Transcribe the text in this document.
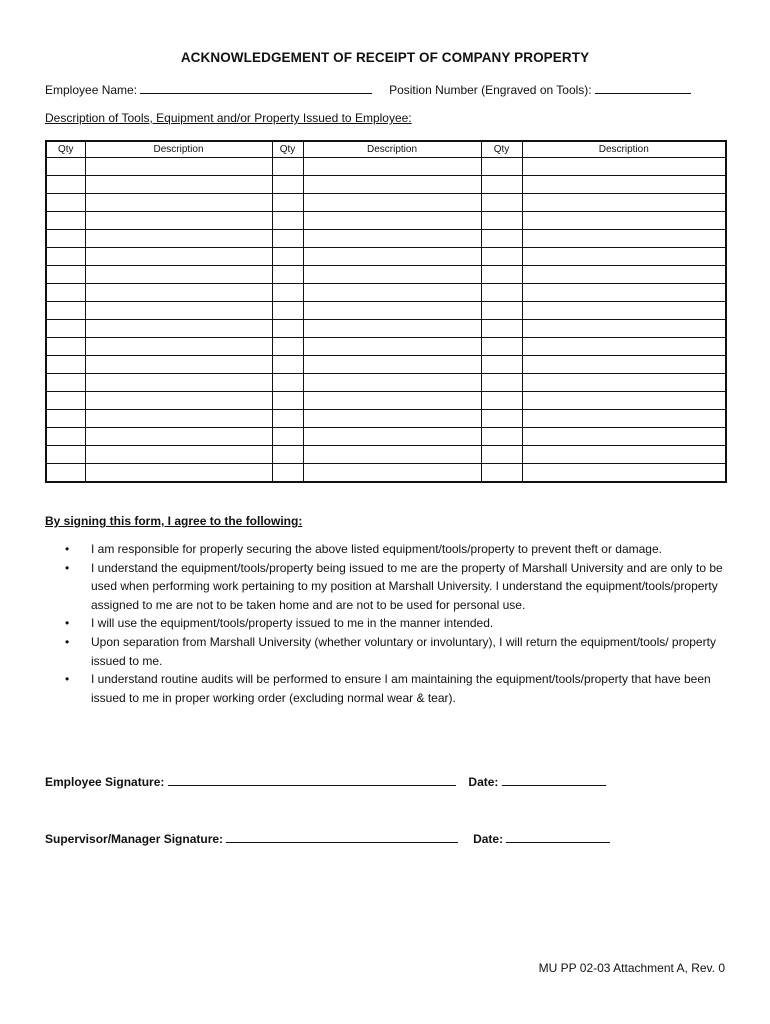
ACKNOWLEDGEMENT OF RECEIPT OF COMPANY PROPERTY
Employee Name:	Position Number (Engraved on Tools):
Description of Tools, Equipment and/or Property Issued to Employee:
Qty	Description	Qty	Description	Qty	Description

By signing this form, I agree to the following:
• I am responsible for properly securing the above listed equipment/tools/property to prevent theft or damage.
• I understand the equipment/tools/property being issued to me are the property of Marshall University and are only to be used when performing work pertaining to my position at Marshall University. I understand the equipment/tools/property assigned to me are not to be taken home and are not to be used for personal use.
• I will use the equipment/tools/property issued to me in the manner intended.
• Upon separation from Marshall University (whether voluntary or involuntary), I will return the equipment/tools/ property issued to me.
• I understand routine audits will be performed to ensure I am maintaining the equipment/tools/property that have been issued to me in proper working order (excluding normal wear & tear).
Employee Signature:	Date:
Supervisor/Manager Signature:	Date:
MU PP 02-03 Attachment A, Rev. 0
